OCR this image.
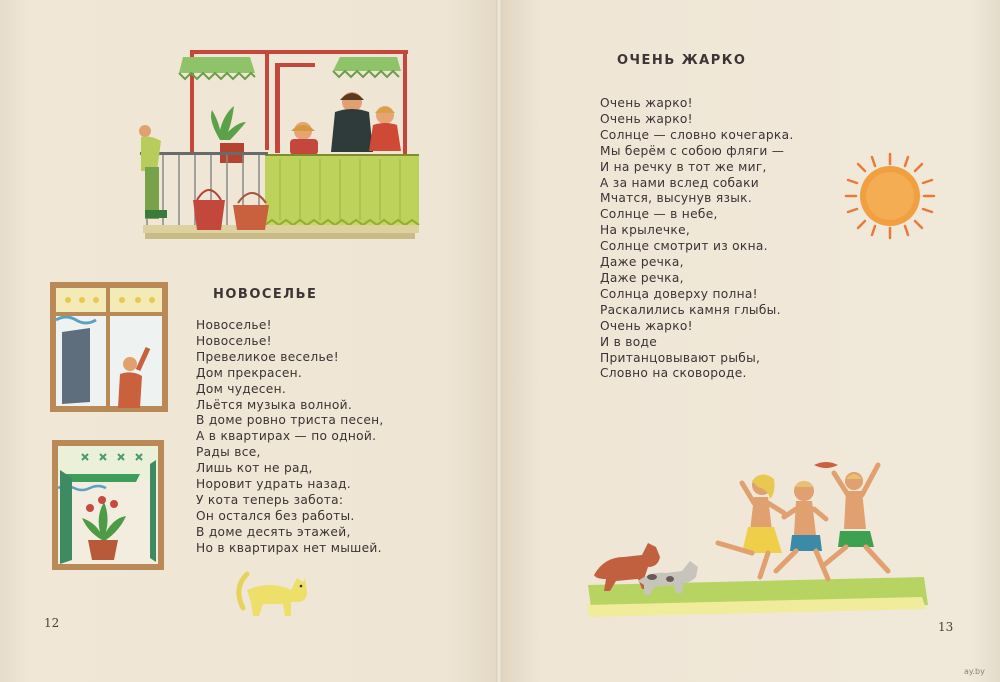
НОВОСЕЛЬЕ
Новоселье!
Новоселье!
Превеликое веселье!
Дом прекрасен.
Дом чудесен.
Льётся музыка волной.
В доме ровно триста песен,
А в квартирах — по одной.
Рады все,
Лишь кот не рад,
Норовит удрать назад.
У кота теперь забота:
Он остался без работы.
В доме десять этажей,
Но в квартирах нет мышей.
12
ОЧЕНЬ ЖАРКО
Очень жарко!
Очень жарко!
Солнце — словно кочегарка.
Мы берём с собою фляги —
И на речку в тот же миг,
А за нами вслед собаки
Мчатся, высунув язык.
Солнце — в небе,
На крылечке,
Солнце смотрит из окна.
Даже речка,
Даже речка,
Солнца доверху полна!
Раскалились камня глыбы.
Очень жарко!
И в воде
Пританцовывают рыбы,
Словно на сковороде.
13
ay.by
